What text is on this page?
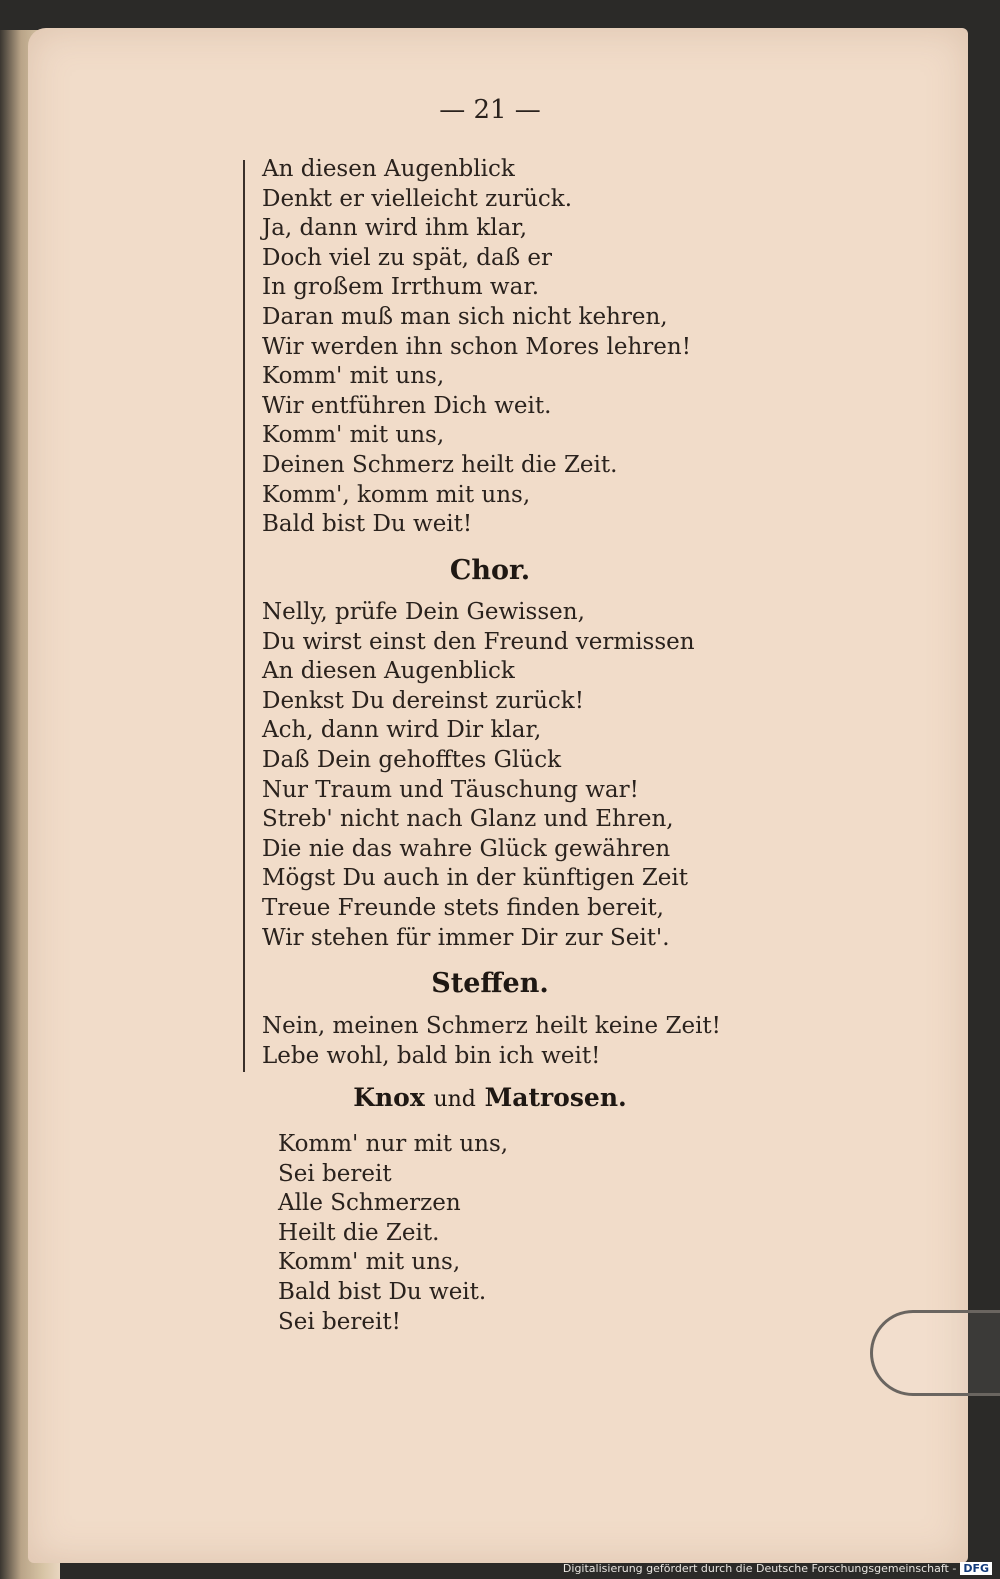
— 21 —
An diesen Augenblick
Denkt er vielleicht zurück.
Ja, dann wird ihm klar,
Doch viel zu spät, daß er
In großem Irrthum war.
Daran muß man sich nicht kehren,
Wir werden ihn schon Mores lehren!
Komm' mit uns,
Wir entführen Dich weit.
Komm' mit uns,
Deinen Schmerz heilt die Zeit.
Komm', komm mit uns,
Bald bist Du weit!
Chor.
Nelly, prüfe Dein Gewissen,
Du wirst einst den Freund vermissen
An diesen Augenblick
Denkst Du dereinst zurück!
Ach, dann wird Dir klar,
Daß Dein gehofftes Glück
Nur Traum und Täuschung war!
Streb' nicht nach Glanz und Ehren,
Die nie das wahre Glück gewähren
Mögst Du auch in der künftigen Zeit
Treue Freunde stets finden bereit,
Wir stehen für immer Dir zur Seit'.
Steffen.
Nein, meinen Schmerz heilt keine Zeit!
Lebe wohl, bald bin ich weit!
Knox und Matrosen.
Komm' nur mit uns,
Sei bereit
Alle Schmerzen
Heilt die Zeit.
Komm' mit uns,
Bald bist Du weit.
Sei bereit!
Digitalisierung gefördert durch die Deutsche Forschungsgemeinschaft - DFG
